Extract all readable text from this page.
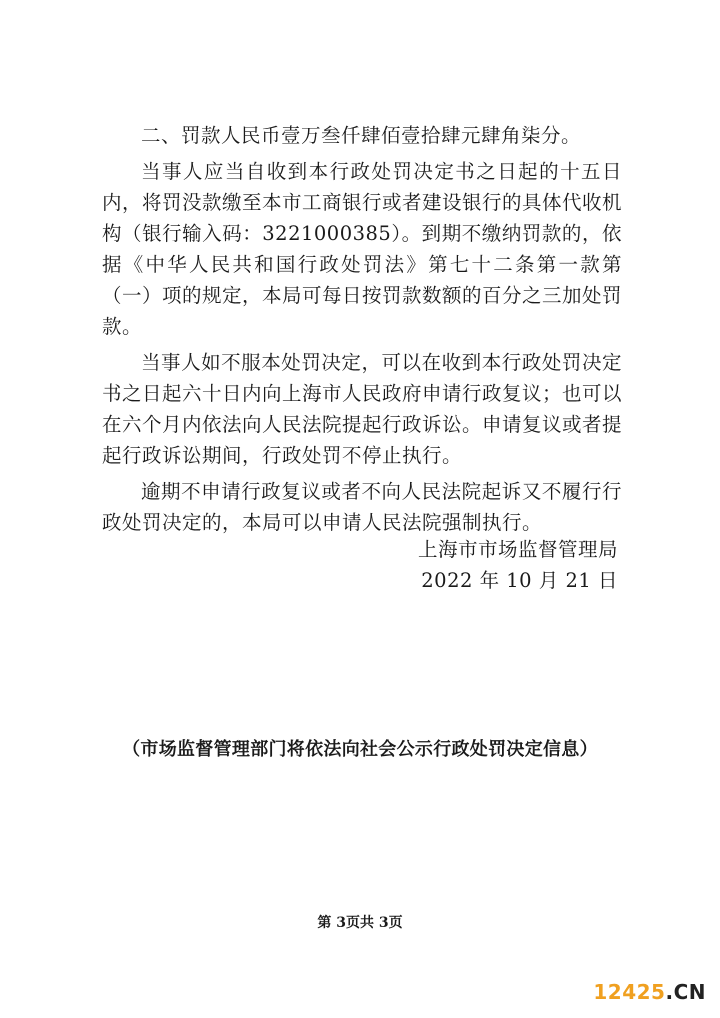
二、罚款人民币壹万叁仟肆佰壹拾肆元肆角柒分。

当事人应当自收到本行政处罚决定书之日起的十五日内，将罚没款缴至本市工商银行或者建设银行的具体代收机构（银行输入码：3221000385）。到期不缴纳罚款的，依据《中华人民共和国行政处罚法》第七十二条第一款第（一）项的规定，本局可每日按罚款数额的百分之三加处罚款。

当事人如不服本处罚决定，可以在收到本行政处罚决定书之日起六十日内向上海市人民政府申请行政复议；也可以在六个月内依法向人民法院提起行政诉讼。申请复议或者提起行政诉讼期间，行政处罚不停止执行。

逾期不申请行政复议或者不向人民法院起诉又不履行行政处罚决定的，本局可以申请人民法院强制执行。

上海市市场监督管理局
2022 年 10 月 21 日
（市场监督管理部门将依法向社会公示行政处罚决定信息）
第 3页共 3页
12425.CN
